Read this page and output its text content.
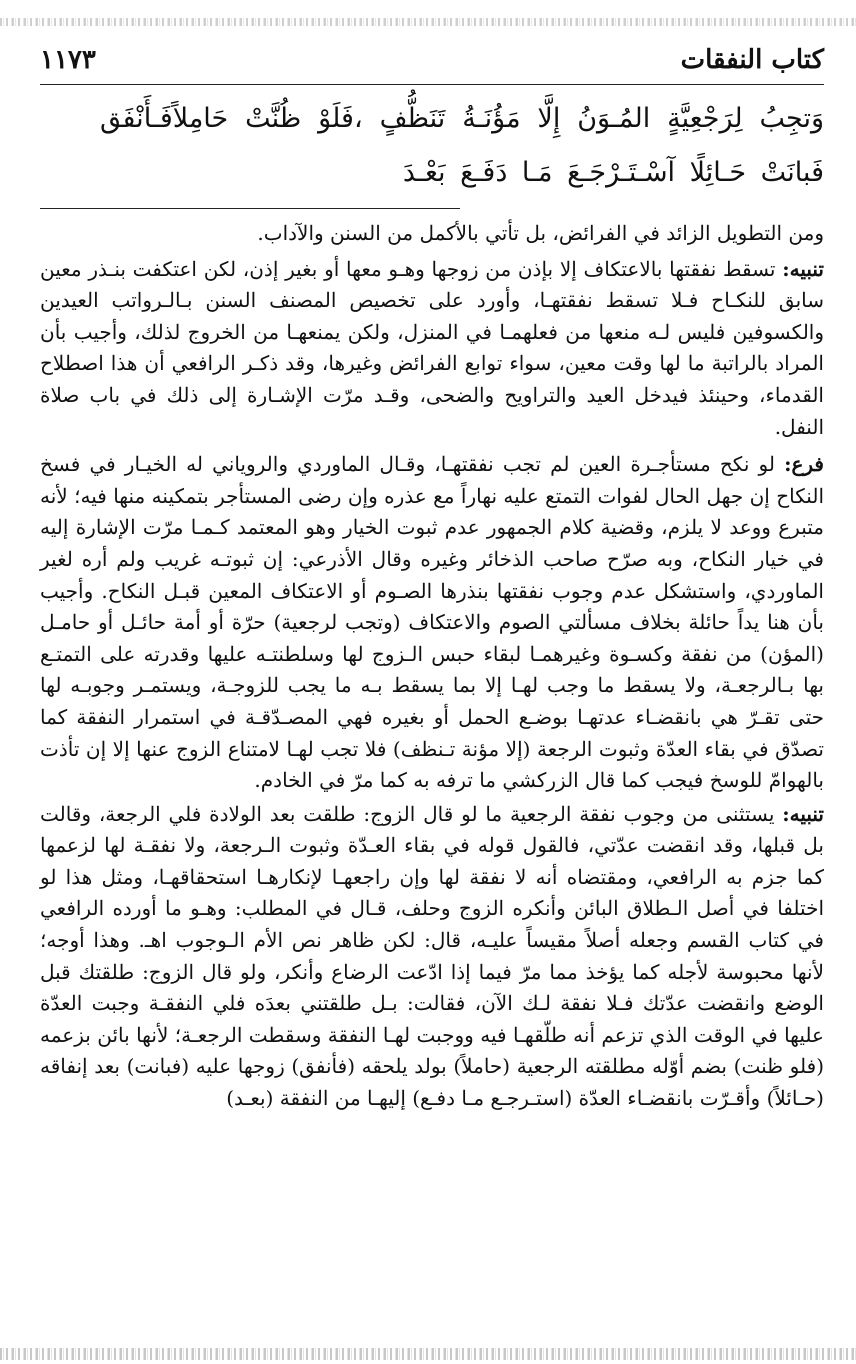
كتاب النفقات
١١٧٣
وَتجِبُ لِرَجْعِيَّةٍ المُـوَنُ إِلَّا مَؤُنَـةُ تَنَظُّفٍ ،فَلَوْ ظُنَّتْ حَامِلاًفَـأَنْفَق فَبانَتْ حَـائِلًا آسْـتَـرْجَـعَ مَـا دَفَـعَ بَعْـدَ

ومن التطويل الزائد في الفرائض، بل تأتي بالأكمل من السنن والآداب.

تنبيه: تسقط نفقتها بالاعتكاف إلا بإذن من زوجها وهـو معها أو بغير إذن، لكن اعتكفت بنـذر معين سابق للنكـاح فـلا تسقط نفقتهـا، وأورد على تخصيص المصنف السنن بـالـرواتب العيدين والكسوفين فليس لـه منعها من فعلهمـا في المنزل، ولكن يمنعهـا من الخروج لذلك، وأجيب بأن المراد بالراتبة ما لها وقت معين، سواء توابع الفرائض وغيرها، وقد ذكـر الرافعي أن هذا اصطلاح القدماء، وحينئذ فيدخل العيد والتراويح والضحى، وقـد مرّت الإشـارة إلى ذلك في باب صلاة النفل.

فرع: لو نكح مستأجـرة العين لم تجب نفقتهـا، وقـال الماوردي والروياني له الخيـار في فسخ النكاح إن جهل الحال لفوات التمتع عليه نهاراً مع عذره وإن رضى المستأجر بتمكينه منها فيه؛ لأنه متبرع ووعد لا يلزم، وقضية كلام الجمهور عدم ثبوت الخيار وهو المعتمد كـمـا مرّت الإشارة إليه في خيار النكاح، وبه صرّح صاحب الذخائر وغيره وقال الأذرعي: إن ثبوتـه غريب ولم أره لغير الماوردي، واستشكل عدم وجوب نفقتها بنذرها الصـوم أو الاعتكاف المعين قبـل النكاح. وأجيب بأن هنا يداً حائلة بخلاف مسألتي الصوم والاعتكاف (وتجب لرجعية) حرّة أو أمة حائـل أو حامـل (المؤن) من نفقة وكسـوة وغيرهمـا لبقاء حبس الـزوج لها وسلطنتـه عليها وقدرته على التمتـع بها بـالرجعـة، ولا يسقط ما وجب لهـا إلا بما يسقط بـه ما يجب للزوجـة، ويستمـر وجوبـه لها حتى تقـرّ هي بانقضـاء عدتهـا بوضـع الحمل أو بغيره فهي المصـدّقـة في استمرار النفقة كما تصدّق في بقاء العدّة وثبوت الرجعة (إلا مؤنة تـنظف) فلا تجب لهـا لامتناع الزوج عنها إلا إن تأذت بالهوامّ للوسخ فيجب كما قال الزركشي ما ترفه به كما مرّ في الخادم.

تنبيه: يستثنى من وجوب نفقة الرجعية ما لو قال الزوج: طلقت بعد الولادة فلي الرجعة، وقالت بل قبلها، وقد انقضت عدّتي، فالقول قوله في بقاء العـدّة وثبوت الـرجعة، ولا نفقـة لها لزعمها كما جزم به الرافعي، ومقتضاه أنه لا نفقة لها وإن راجعهـا لإنكارهـا استحقاقهـا، ومثل هذا لو اختلفا في أصل الـطلاق البائن وأنكره الزوج وحلف، قـال في المطلب: وهـو ما أورده الرافعي في كتاب القسم وجعله أصلاً مقيساً عليـه، قال: لكن ظاهر نص الأم الـوجوب اهـ. وهذا أوجه؛ لأنها محبوسة لأجله كما يؤخذ مما مرّ فيما إذا ادّعت الرضاع وأنكر، ولو قال الزوج: طلقتك قبل الوضع وانقضت عدّتك فـلا نفقة لـك الآن، فقالت: بـل طلقتني بعدَه فلي النفقـة وجبت العدّة عليها في الوقت الذي تزعم أنه طلّقهـا فيه ووجبت لهـا النفقة وسقطت الرجعـة؛ لأنها بائن بزعمه (فلو ظنت) بضم أوّله مطلقته الرجعية (حاملاً) بولد يلحقه (فأنفق) زوجها عليه (فبانت) بعد إنفاقه (حـائلاً) وأقـرّت بانقضـاء العدّة (استـرجـع مـا دفـع) إليهـا من النفقة (بعـد)
